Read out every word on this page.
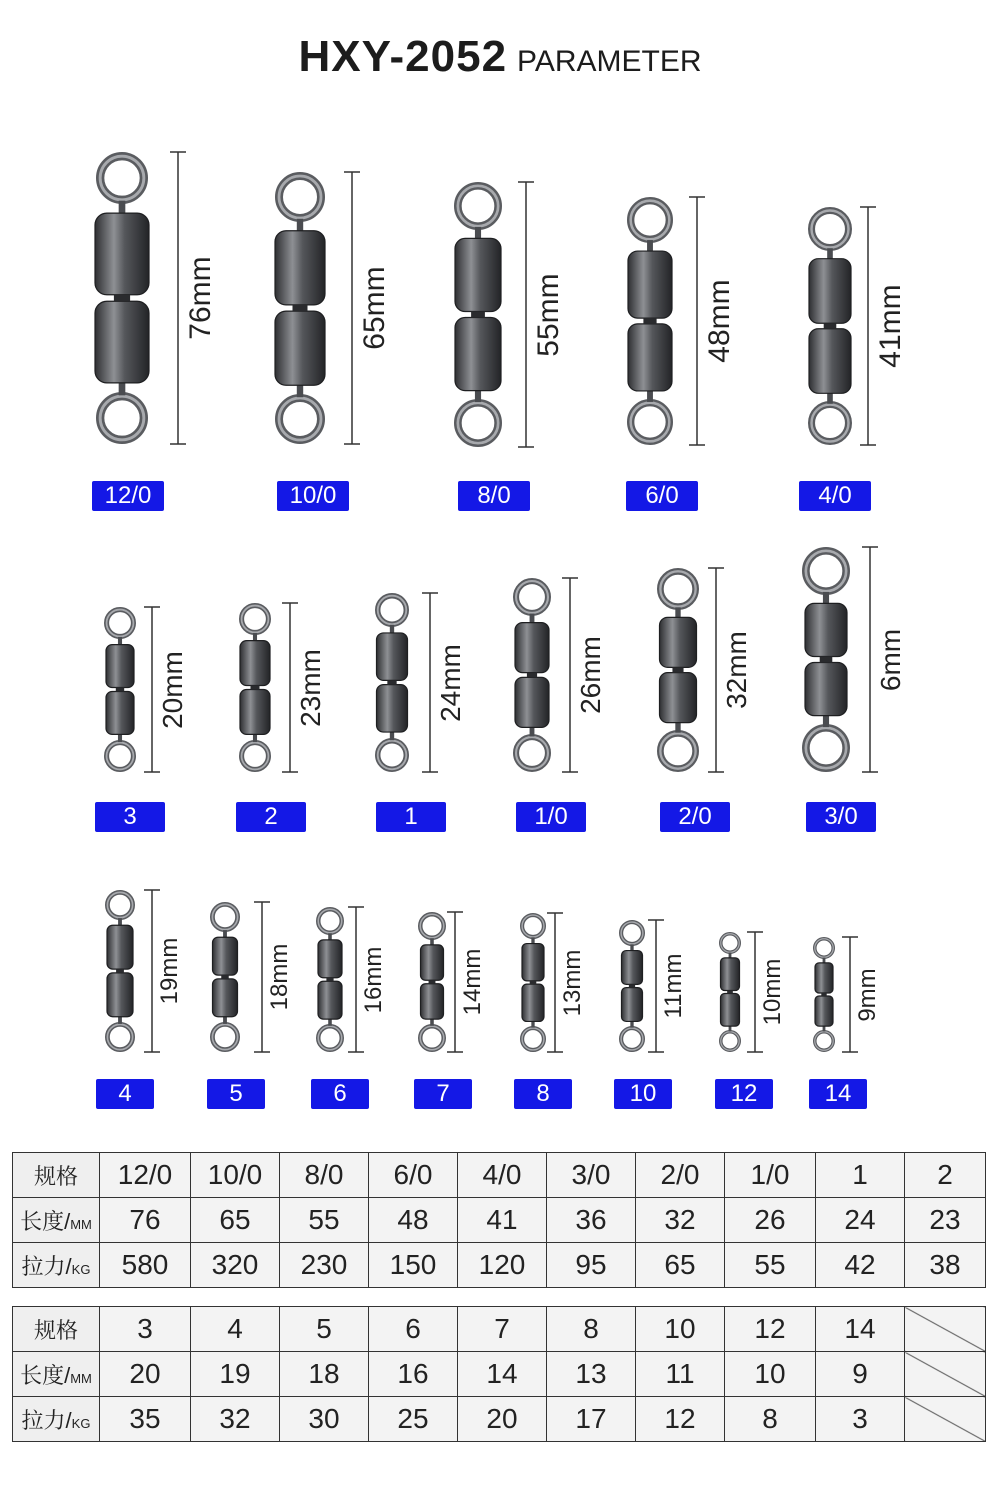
HXY-2052 PARAMETER
12/0	10/0	8/0	6/0	4/0
3	2	1	1/0	2/0	3/0
4	5	6	7	8	10	12	14
76mm	65mm	55mm	48mm	41mm
20mm	23mm	24mm	26mm	32mm	6mm
19mm	18mm	16mm	14mm	13mm	11mm	10mm	9mm
规格	12/0	10/0	8/0	6/0	4/0	3/0	2/0	1/0	1	2
长度/MM	76	65	55	48	41	36	32	26	24	23
拉力/KG	580	320	230	150	120	95	65	55	42	38
规格	3	4	5	6	7	8	10	12	14	
长度/MM	20	19	18	16	14	13	11	10	9	
拉力/KG	35	32	30	25	20	17	12	8	3	
